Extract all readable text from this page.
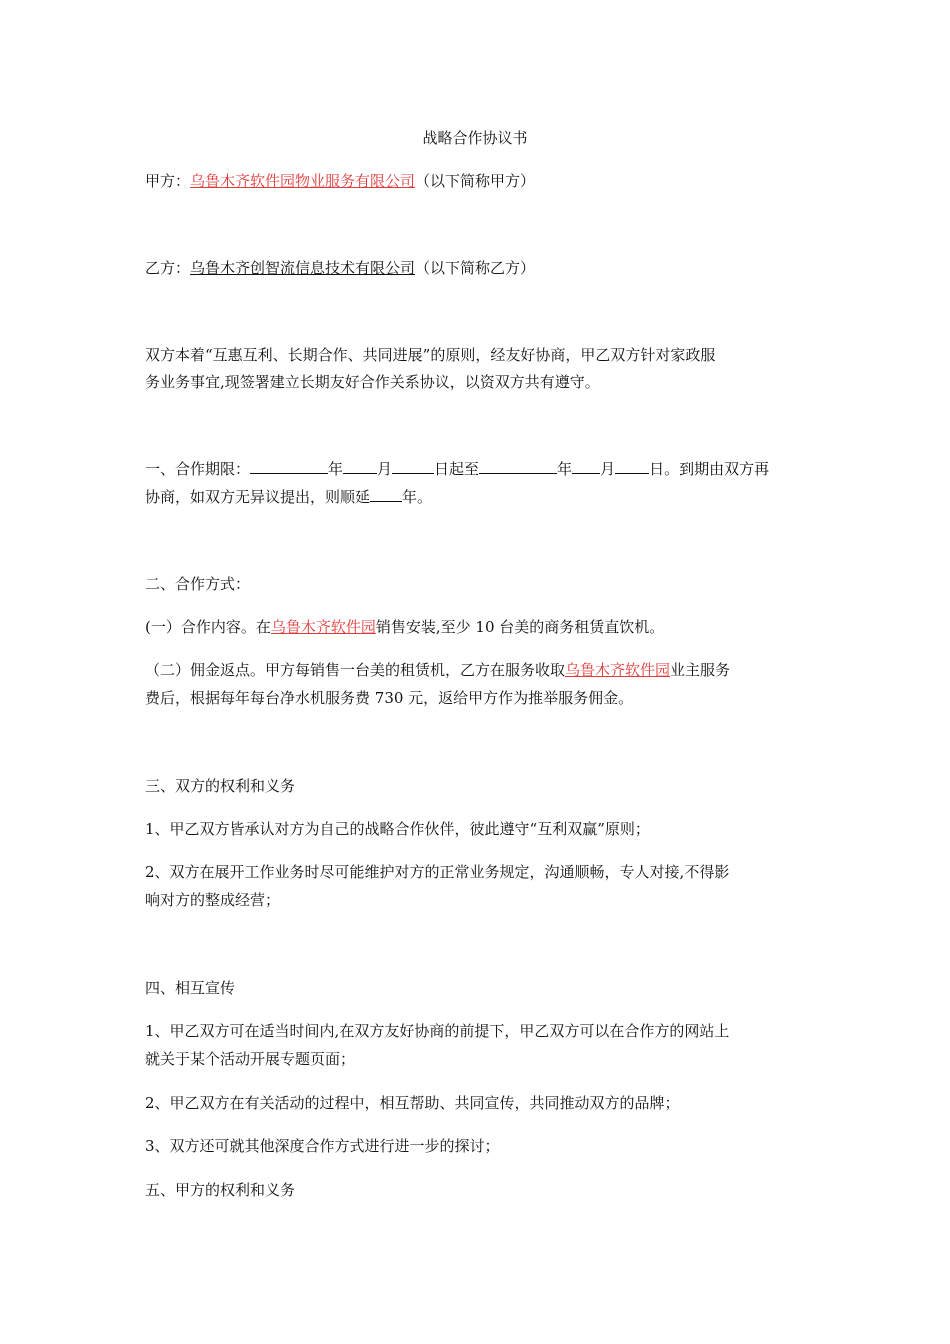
战略合作协议书
甲方：乌鲁木齐软件园物业服务有限公司（以下简称甲方）
乙方：乌鲁木齐创智流信息技术有限公司（以下简称乙方）
双方本着“互惠互利、长期合作、共同进展”的原则，经友好协商，甲乙双方针对家政服
务业务事宜,现签署建立长期友好合作关系协议，以资双方共有遵守。
一、合作期限：	年 月	日起至	年 月 日。到期由双方再
协商，如双方无异议提出，则顺延 年。
二、合作方式：
(一）合作内容。在乌鲁木齐软件园销售安装,至少 10 台美的商务租赁直饮机。
（二）佣金返点。甲方每销售一台美的租赁机，乙方在服务收取乌鲁木齐软件园业主服务
费后，根据每年每台净水机服务费 730 元，返给甲方作为推举服务佣金。
三、双方的权利和义务
1、甲乙双方皆承认对方为自己的战略合作伙伴，彼此遵守“互利双赢”原则；
2、双方在展开工作业务时尽可能维护对方的正常业务规定，沟通顺畅，专人对接,不得影
响对方的整成经营；
四、相互宣传
1、甲乙双方可在适当时间内,在双方友好协商的前提下，甲乙双方可以在合作方的网站上
就关于某个活动开展专题页面；
2、甲乙双方在有关活动的过程中，相互帮助、共同宣传，共同推动双方的品牌；
3、双方还可就其他深度合作方式进行进一步的探讨；
五、甲方的权利和义务
